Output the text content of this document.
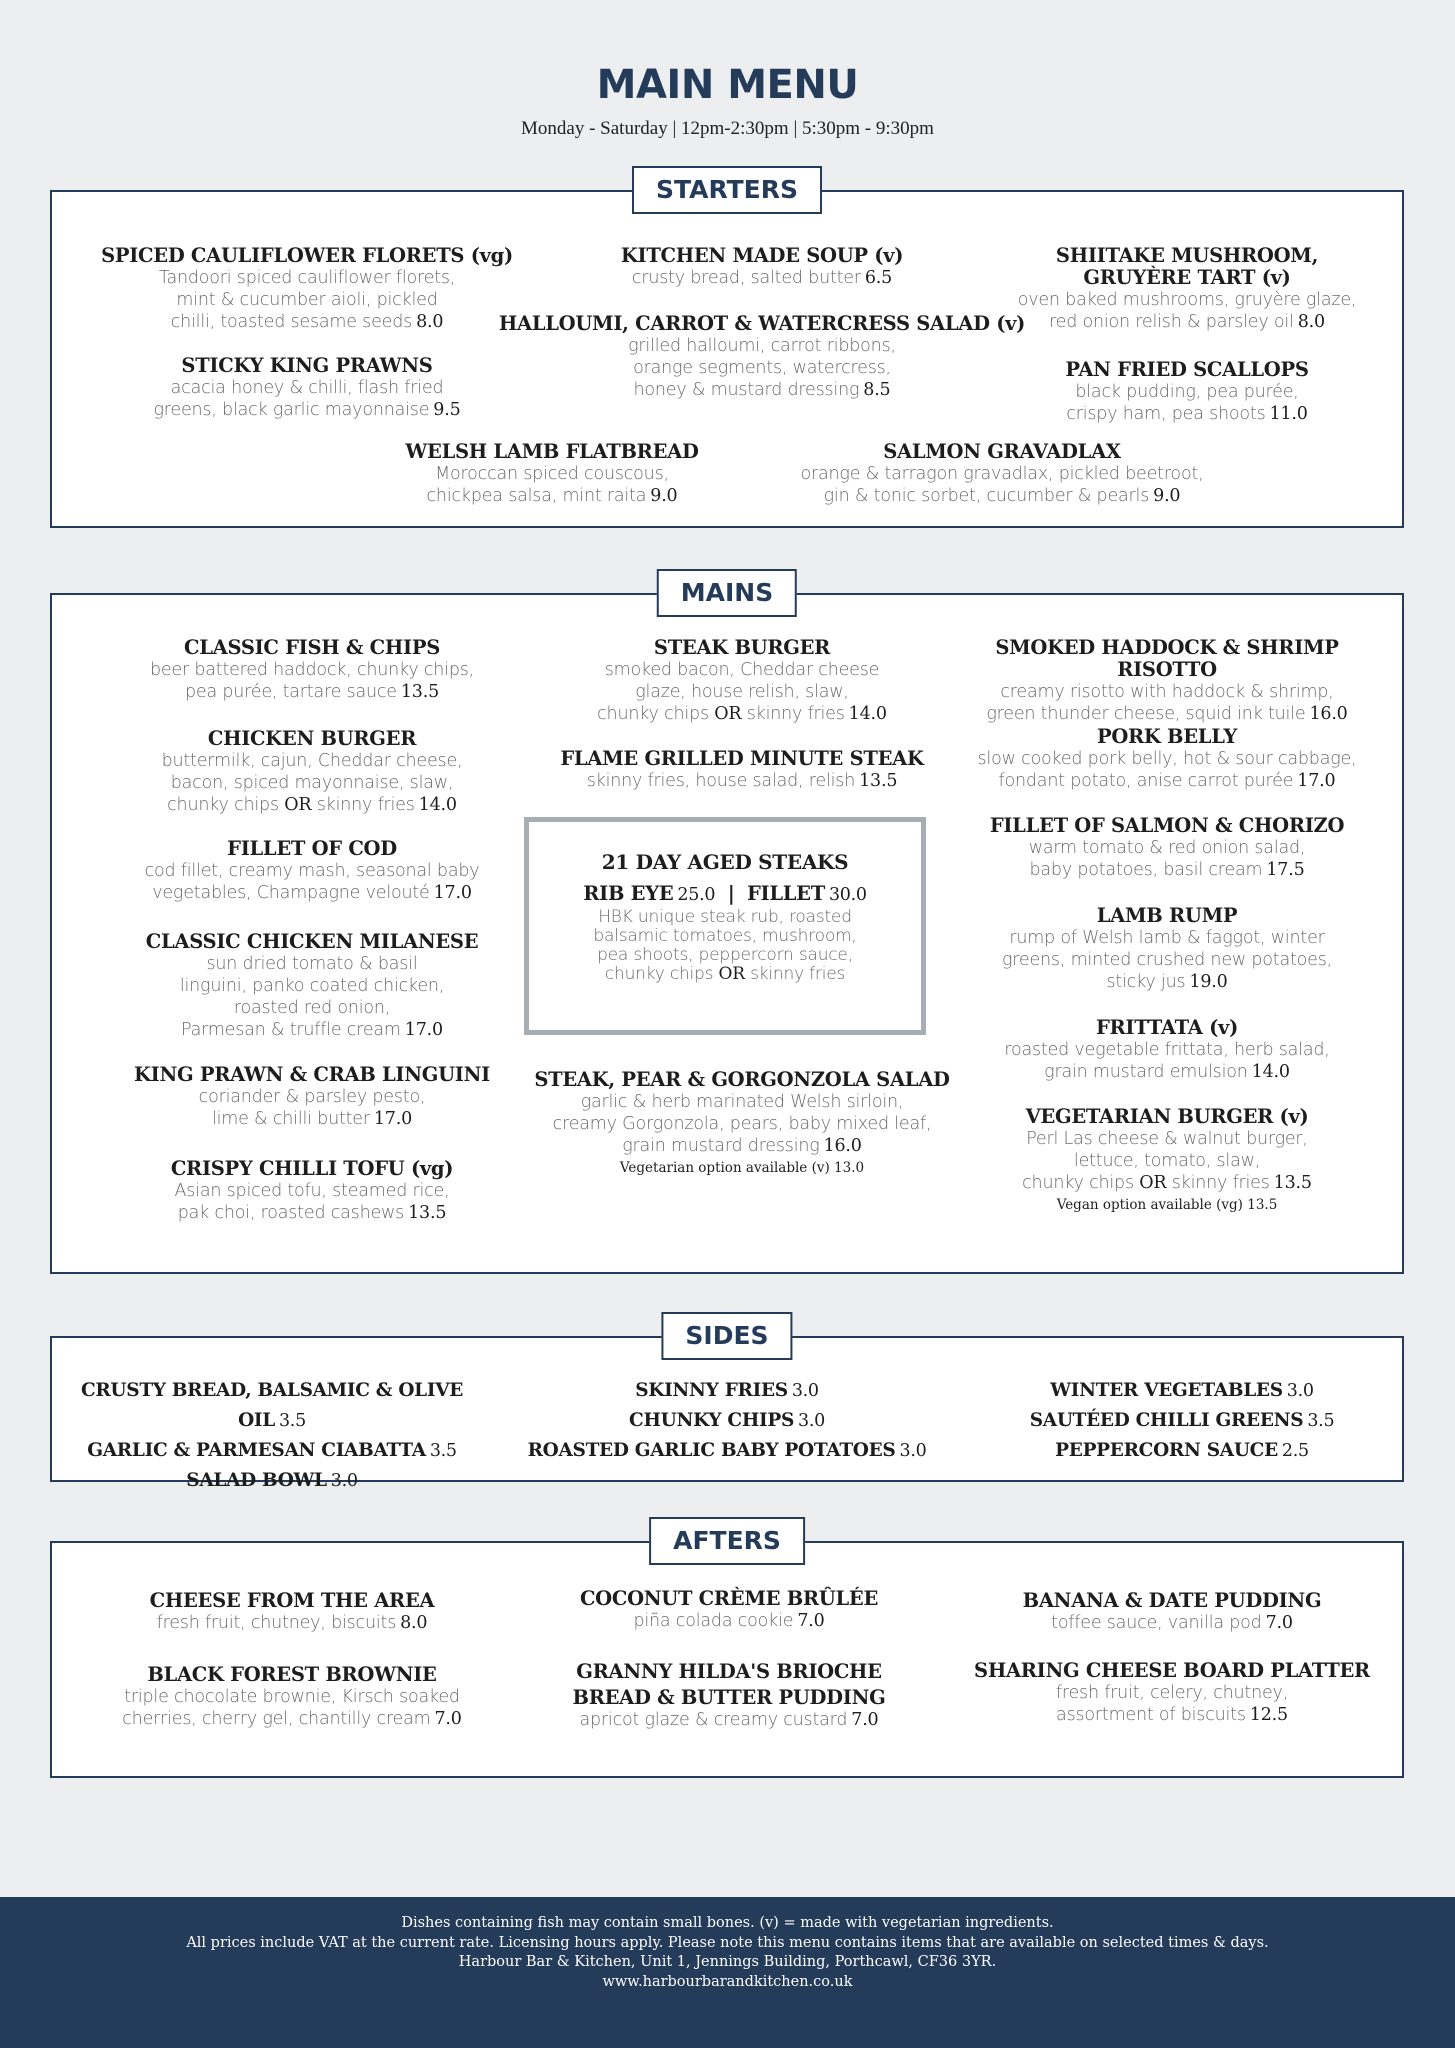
MAIN MENU
Monday - Saturday | 12pm-2:30pm | 5:30pm - 9:30pm
STARTERS
SPICED CAULIFLOWER FLORETS (vg)
Tandoori spiced cauliflower florets,
mint & cucumber aioli, pickled
chilli, toasted sesame seeds 8.0
STICKY KING PRAWNS
acacia honey & chilli, flash fried
greens, black garlic mayonnaise 9.5
KITCHEN MADE SOUP (v)
crusty bread, salted butter 6.5
HALLOUMI, CARROT & WATERCRESS SALAD (v)
grilled halloumi, carrot ribbons,
orange segments, watercress,
honey & mustard dressing 8.5
SHIITAKE MUSHROOM,
GRUYÈRE TART (v)
oven baked mushrooms, gruyère glaze,
red onion relish & parsley oil 8.0
PAN FRIED SCALLOPS
black pudding, pea purée,
crispy ham, pea shoots 11.0
WELSH LAMB FLATBREAD
Moroccan spiced couscous,
chickpea salsa, mint raita 9.0
SALMON GRAVADLAX
orange & tarragon gravadlax, pickled beetroot,
gin & tonic sorbet, cucumber & pearls 9.0
MAINS
CLASSIC FISH & CHIPS
beer battered haddock, chunky chips,
pea purée, tartare sauce 13.5
CHICKEN BURGER
buttermilk, cajun, Cheddar cheese,
bacon, spiced mayonnaise, slaw,
chunky chips OR skinny fries 14.0
FILLET OF COD
cod fillet, creamy mash, seasonal baby
vegetables, Champagne velouté 17.0
CLASSIC CHICKEN MILANESE
sun dried tomato & basil
linguini, panko coated chicken,
roasted red onion,
Parmesan & truffle cream 17.0
KING PRAWN & CRAB LINGUINI
coriander & parsley pesto,
lime & chilli butter 17.0
CRISPY CHILLI TOFU (vg)
Asian spiced tofu, steamed rice,
pak choi, roasted cashews 13.5
STEAK BURGER
smoked bacon, Cheddar cheese
glaze, house relish, slaw,
chunky chips OR skinny fries 14.0
FLAME GRILLED MINUTE STEAK
skinny fries, house salad, relish 13.5
21 DAY AGED STEAKS
RIB EYE 25.0 | FILLET 30.0
HBK unique steak rub, roasted
balsamic tomatoes, mushroom,
pea shoots, peppercorn sauce,
chunky chips OR skinny fries
STEAK, PEAR & GORGONZOLA SALAD
garlic & herb marinated Welsh sirloin,
creamy Gorgonzola, pears, baby mixed leaf,
grain mustard dressing 16.0
Vegetarian option available (v) 13.0
SMOKED HADDOCK & SHRIMP RISOTTO
creamy risotto with haddock & shrimp,
green thunder cheese, squid ink tuile 16.0
PORK BELLY
slow cooked pork belly, hot & sour cabbage,
fondant potato, anise carrot purée 17.0
FILLET OF SALMON & CHORIZO
warm tomato & red onion salad,
baby potatoes, basil cream 17.5
LAMB RUMP
rump of Welsh lamb & faggot, winter
greens, minted crushed new potatoes,
sticky jus 19.0
FRITTATA (v)
roasted vegetable frittata, herb salad,
grain mustard emulsion 14.0
VEGETARIAN BURGER (v)
Perl Las cheese & walnut burger,
lettuce, tomato, slaw,
chunky chips OR skinny fries 13.5
Vegan option available (vg) 13.5
SIDES
CRUSTY BREAD, BALSAMIC & OLIVE OIL 3.5
GARLIC & PARMESAN CIABATTA 3.5
SALAD BOWL 3.0
SKINNY FRIES 3.0
CHUNKY CHIPS 3.0
ROASTED GARLIC BABY POTATOES 3.0
WINTER VEGETABLES 3.0
SAUTÉED CHILLI GREENS 3.5
PEPPERCORN SAUCE 2.5
AFTERS
CHEESE FROM THE AREA
fresh fruit, chutney, biscuits 8.0
BLACK FOREST BROWNIE
triple chocolate brownie, Kirsch soaked
cherries, cherry gel, chantilly cream 7.0
COCONUT CRÈME BRÛLÉE
piña colada cookie 7.0
GRANNY HILDA'S BRIOCHE
BREAD & BUTTER PUDDING
apricot glaze & creamy custard 7.0
BANANA & DATE PUDDING
toffee sauce, vanilla pod 7.0
SHARING CHEESE BOARD PLATTER
fresh fruit, celery, chutney,
assortment of biscuits 12.5
Dishes containing fish may contain small bones. (v) = made with vegetarian ingredients.
All prices include VAT at the current rate. Licensing hours apply. Please note this menu contains items that are available on selected times & days.
Harbour Bar & Kitchen, Unit 1, Jennings Building, Porthcawl, CF36 3YR.
www.harbourbarandkitchen.co.uk
